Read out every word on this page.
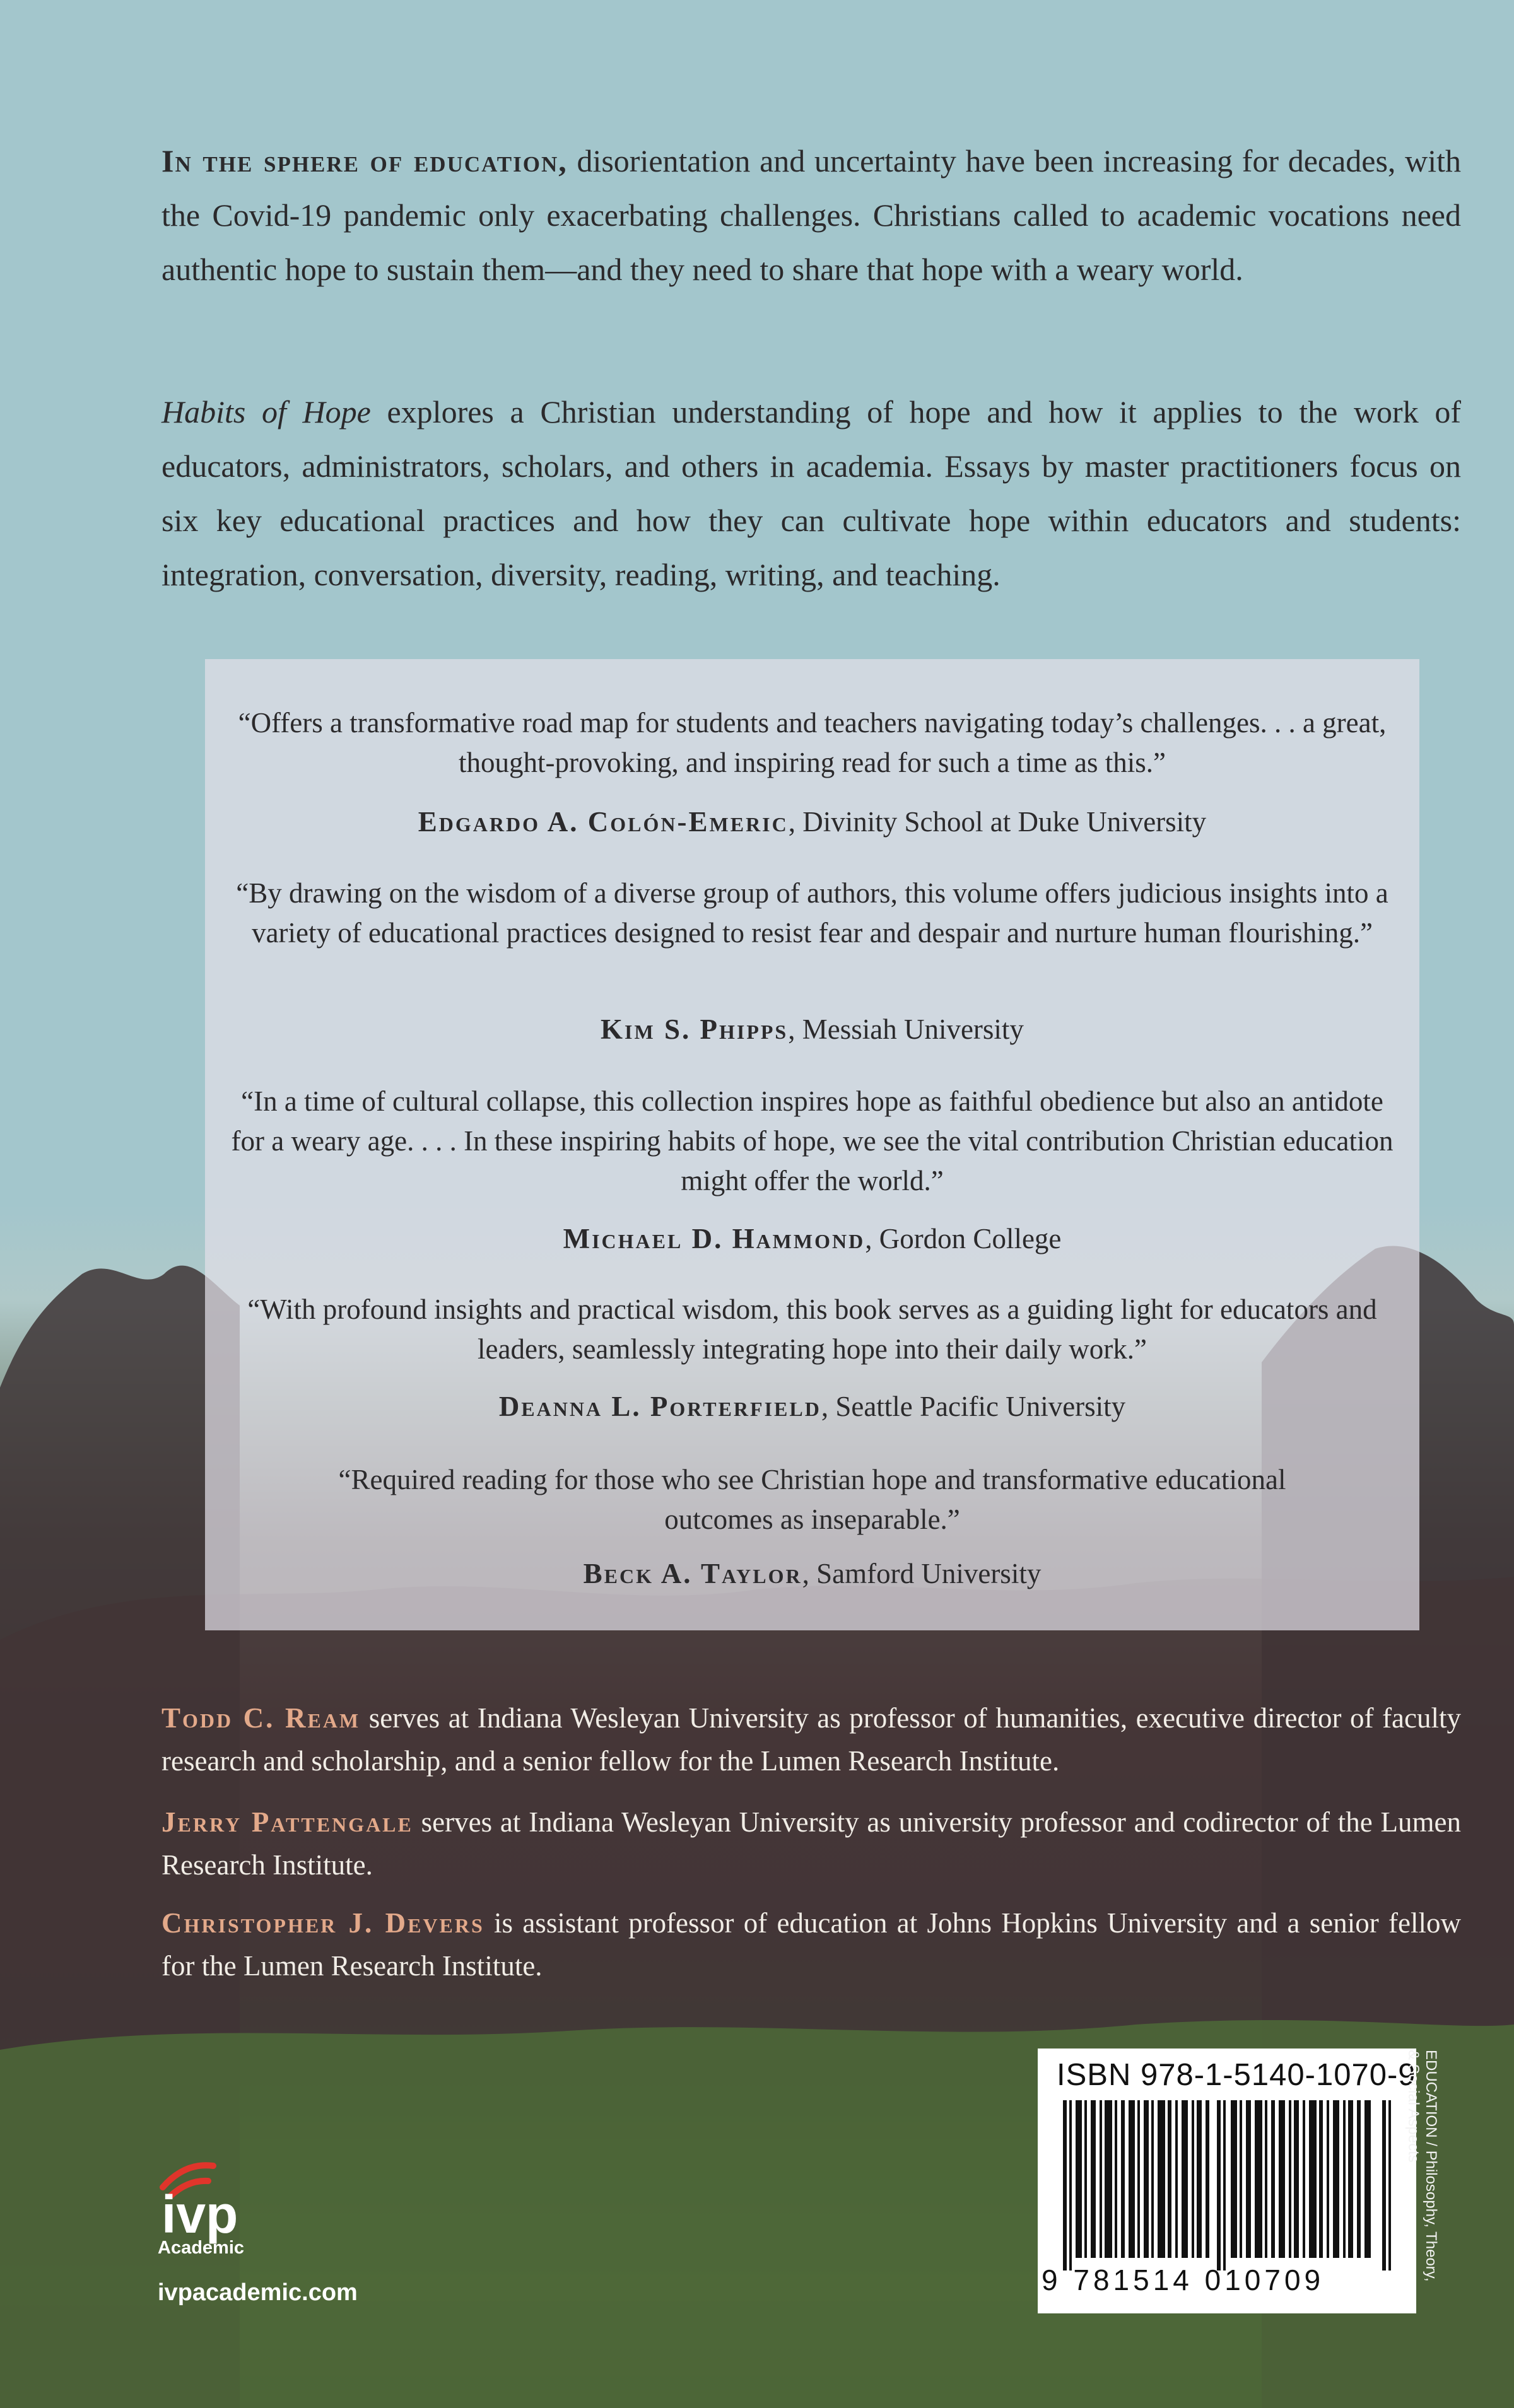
In the sphere of education, disorientation and uncertainty have been increasing for decades, with the Covid-19 pandemic only exacerbating challenges. Christians called to academic vocations need authentic hope to sustain them—and they need to share that hope with a weary world.

Habits of Hope explores a Christian understanding of hope and how it applies to the work of educators, administrators, scholars, and others in academia. Essays by master practitioners focus on six key educational practices and how they can cultivate hope within educators and students: integration, conversation, diversity, reading, writing, and teaching.

“Offers a transformative road map for students and teachers navigating today’s challenges. . . a great, thought-provoking, and inspiring read for such a time as this.”

Edgardo A. Colón-Emeric, Divinity School at Duke University

“By drawing on the wisdom of a diverse group of authors, this volume offers judicious insights into a variety of educational practices designed to resist fear and despair and nurture human flourishing.”

Kim S. Phipps, Messiah University

“In a time of cultural collapse, this collection inspires hope as faithful obedience but also an antidote for a weary age. . . . In these inspiring habits of hope, we see the vital contribution Christian education might offer the world.”

Michael D. Hammond, Gordon College

“With profound insights and practical wisdom, this book serves as a guiding light for educators and leaders, seamlessly integrating hope into their daily work.”

Deanna L. Porterfield, Seattle Pacific University

“Required reading for those who see Christian hope and transformative educational outcomes as inseparable.”

Beck A. Taylor, Samford University

Todd C. Ream serves at Indiana Wesleyan University as professor of humanities, executive director of faculty research and scholarship, and a senior fellow for the Lumen Research Institute.

Jerry Pattengale serves at Indiana Wesleyan University as university professor and codirector of the Lumen Research Institute.

Christopher J. Devers is assistant professor of education at Johns Hopkins University and a senior fellow for the Lumen Research Institute.

ISBN 978-1-5140-1070-9
9 781514 010709	EDUCATION / Philosophy, Theory,
& Social Aspects
ivp
Academic
ivpacademic.com
